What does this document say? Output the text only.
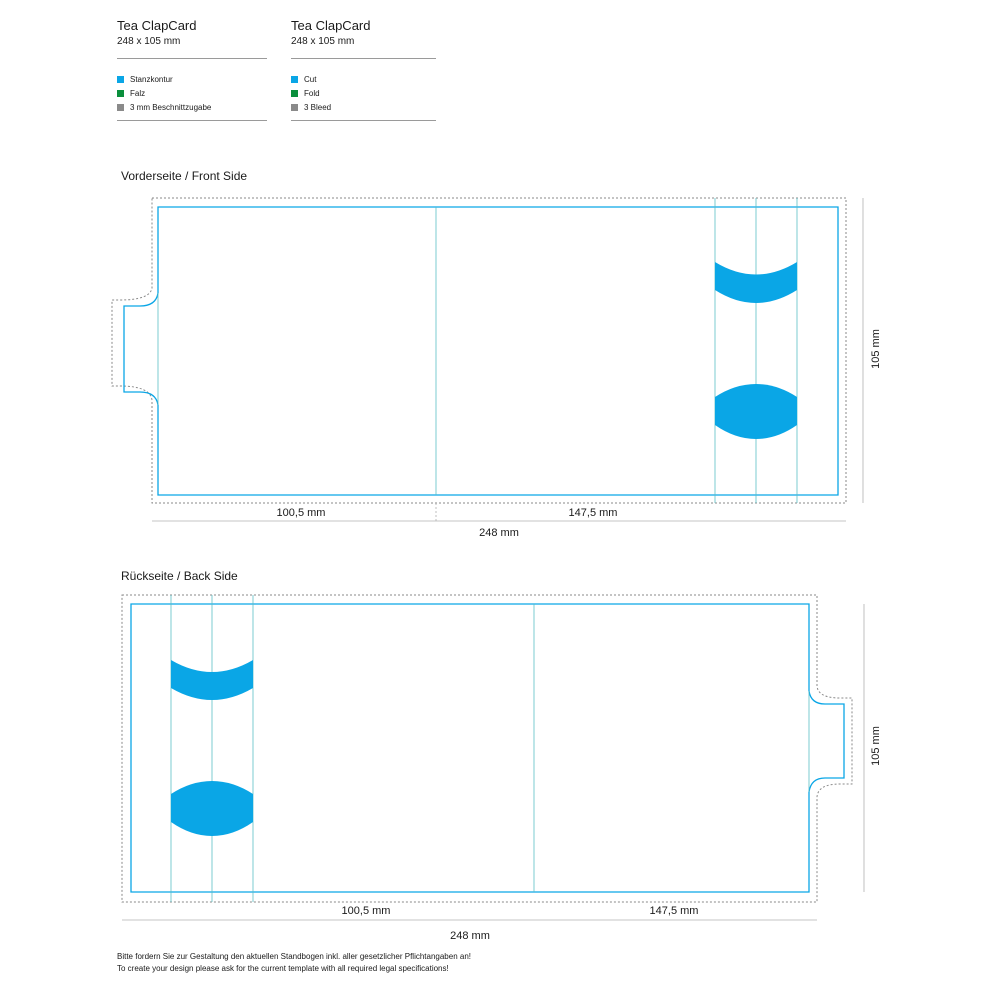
Tea ClapCard
248 x 105 mm
Stanzkontur
Falz
3 mm Beschnittzugabe
Tea ClapCard
248 x 105 mm
Cut
Fold
3 Bleed
Vorderseite / Front Side
Rückseite / Back Side
100,5 mm	147,5 mm
248 mm
105 mm
100,5 mm	147,5 mm
248 mm
105 mm
Bitte fordern Sie zur Gestaltung den aktuellen Standbogen inkl. aller gesetzlicher Pflichtangaben an!
To create your design please ask for the current template with all required legal specifications!
